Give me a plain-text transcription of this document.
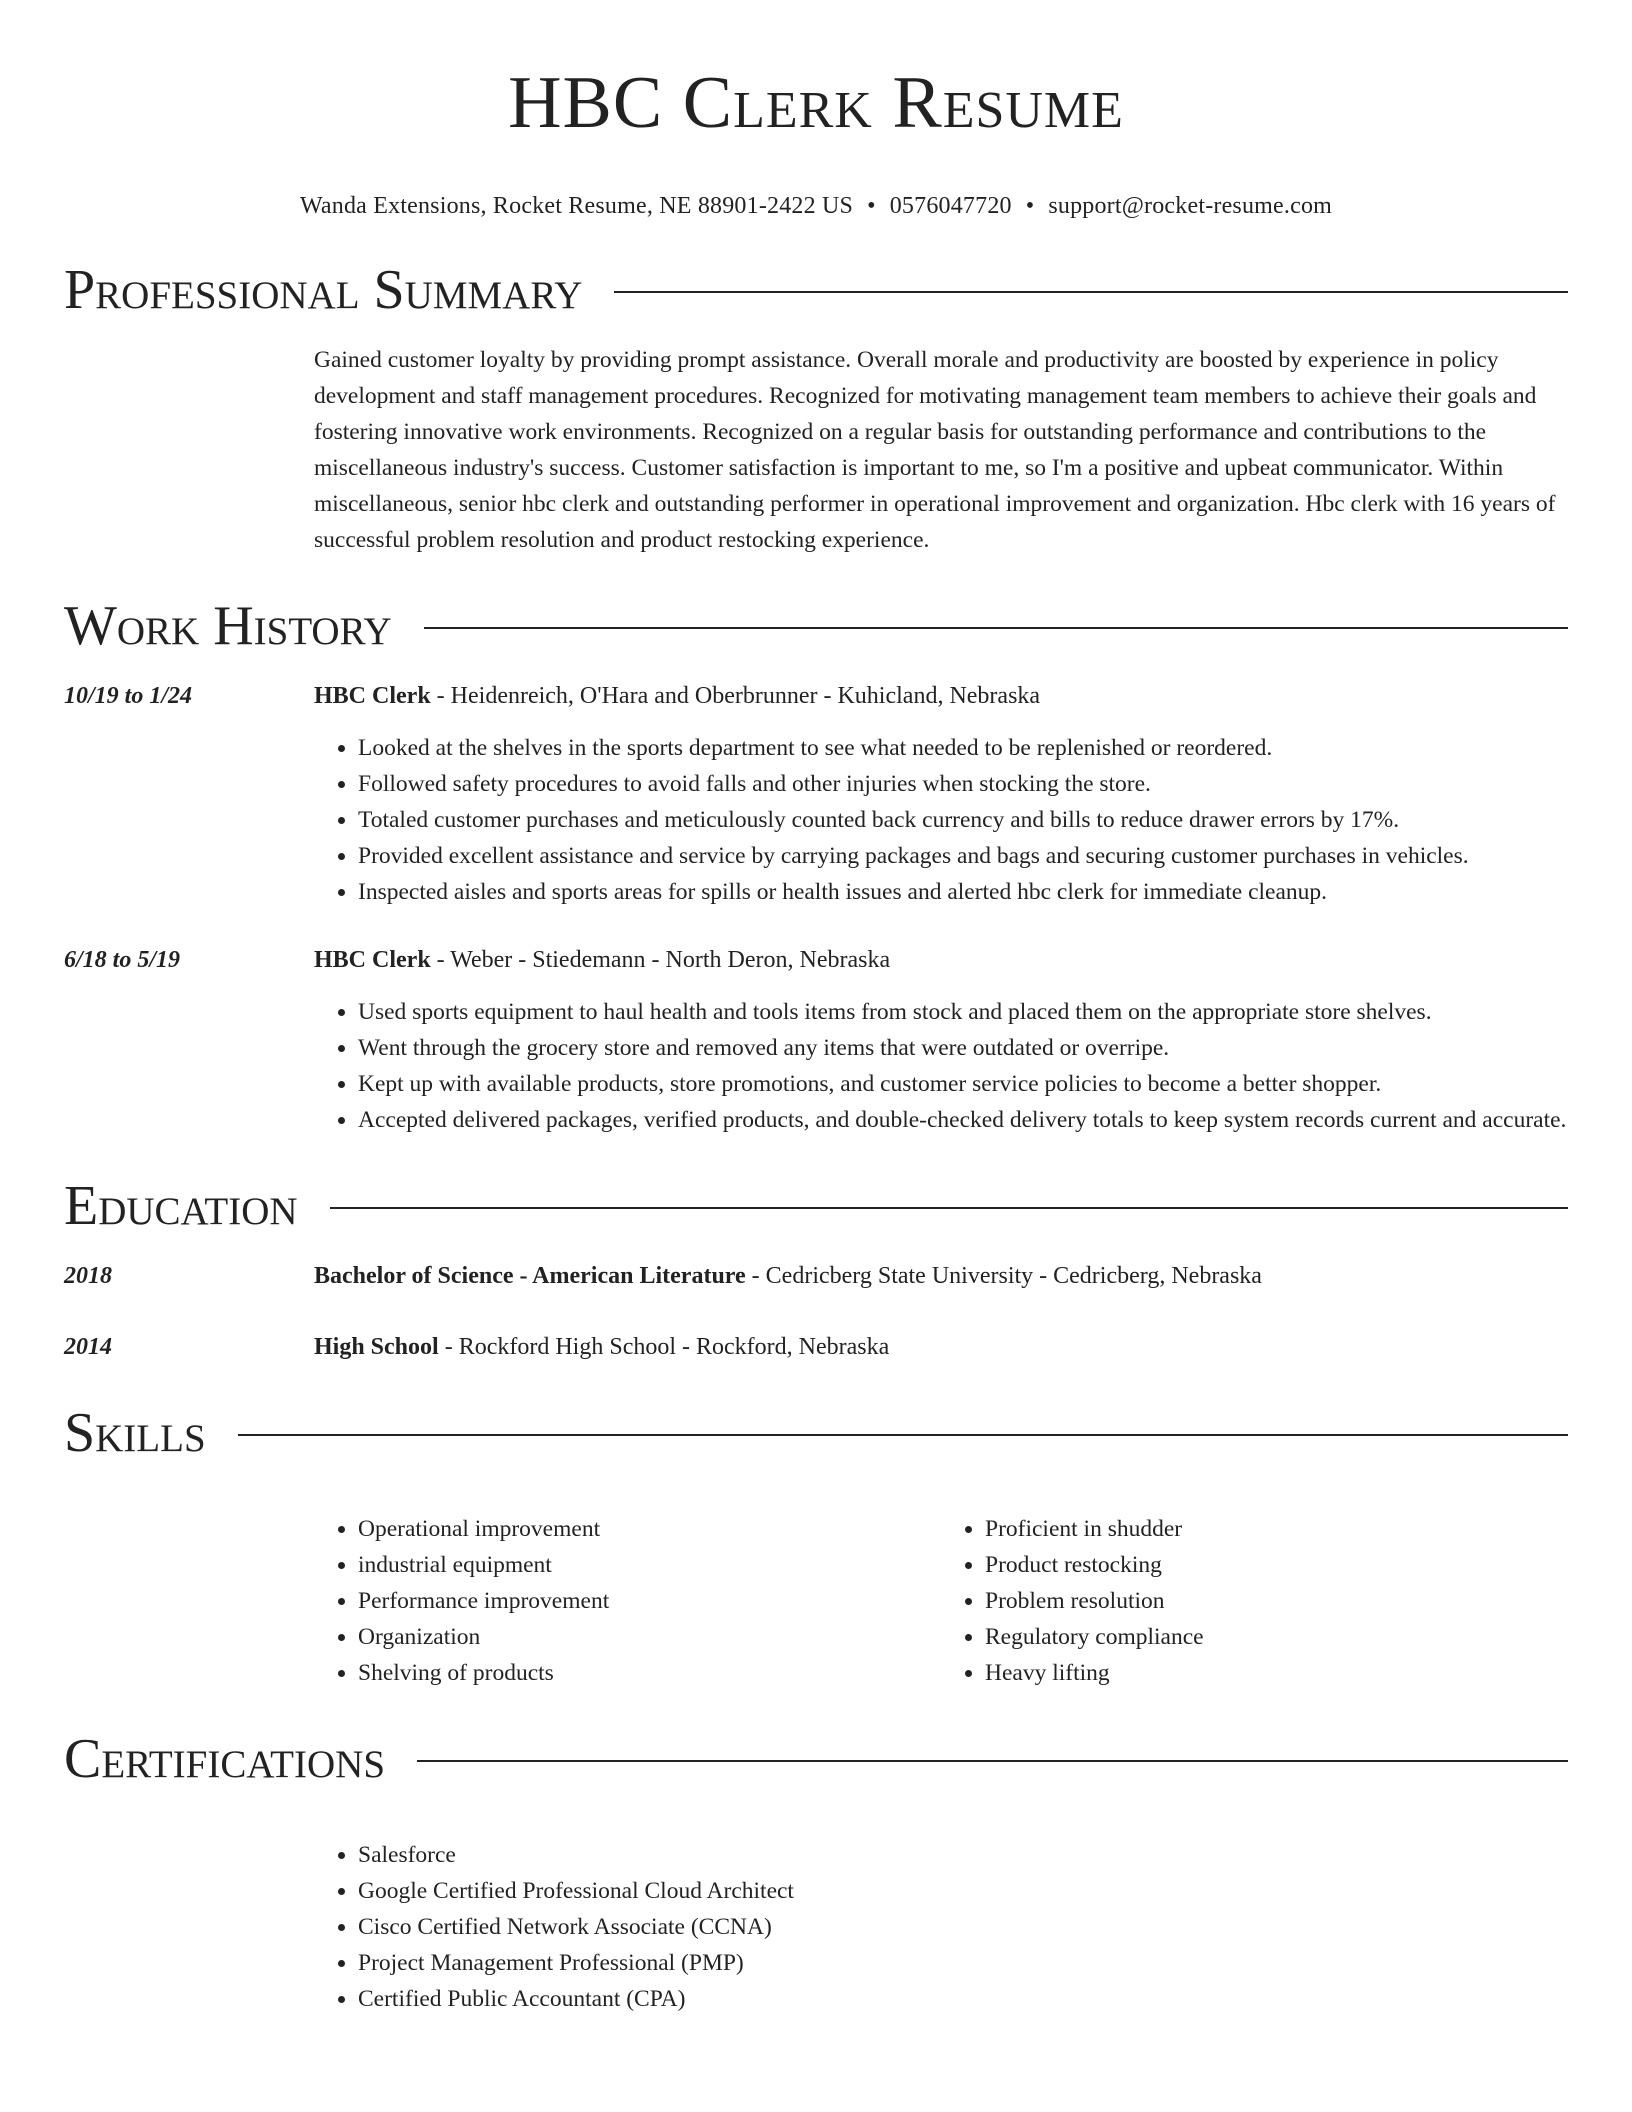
HBC Clerk Resume
Wanda Extensions, Rocket Resume, NE 88901-2422 US • 0576047720 • support@rocket-resume.com
Professional Summary
Gained customer loyalty by providing prompt assistance. Overall morale and productivity are boosted by experience in policy development and staff management procedures. Recognized for motivating management team members to achieve their goals and fostering innovative work environments. Recognized on a regular basis for outstanding performance and contributions to the miscellaneous industry's success. Customer satisfaction is important to me, so I'm a positive and upbeat communicator. Within miscellaneous, senior hbc clerk and outstanding performer in operational improvement and organization. Hbc clerk with 16 years of successful problem resolution and product restocking experience.
Work History
10/19 to 1/24	HBC Clerk - Heidenreich, O'Hara and Oberbrunner - Kuhicland, Nebraska
• Looked at the shelves in the sports department to see what needed to be replenished or reordered.
• Followed safety procedures to avoid falls and other injuries when stocking the store.
• Totaled customer purchases and meticulously counted back currency and bills to reduce drawer errors by 17%.
• Provided excellent assistance and service by carrying packages and bags and securing customer purchases in vehicles.
• Inspected aisles and sports areas for spills or health issues and alerted hbc clerk for immediate cleanup.
6/18 to 5/19	HBC Clerk - Weber - Stiedemann - North Deron, Nebraska
• Used sports equipment to haul health and tools items from stock and placed them on the appropriate store shelves.
• Went through the grocery store and removed any items that were outdated or overripe.
• Kept up with available products, store promotions, and customer service policies to become a better shopper.
• Accepted delivered packages, verified products, and double-checked delivery totals to keep system records current and accurate.
Education
2018	Bachelor of Science - American Literature - Cedricberg State University - Cedricberg, Nebraska
2014	High School - Rockford High School - Rockford, Nebraska
Skills
• Operational improvement
• industrial equipment
• Performance improvement
• Organization
• Shelving of products
• Proficient in shudder
• Product restocking
• Problem resolution
• Regulatory compliance
• Heavy lifting
Certifications
• Salesforce
• Google Certified Professional Cloud Architect
• Cisco Certified Network Associate (CCNA)
• Project Management Professional (PMP)
• Certified Public Accountant (CPA)
